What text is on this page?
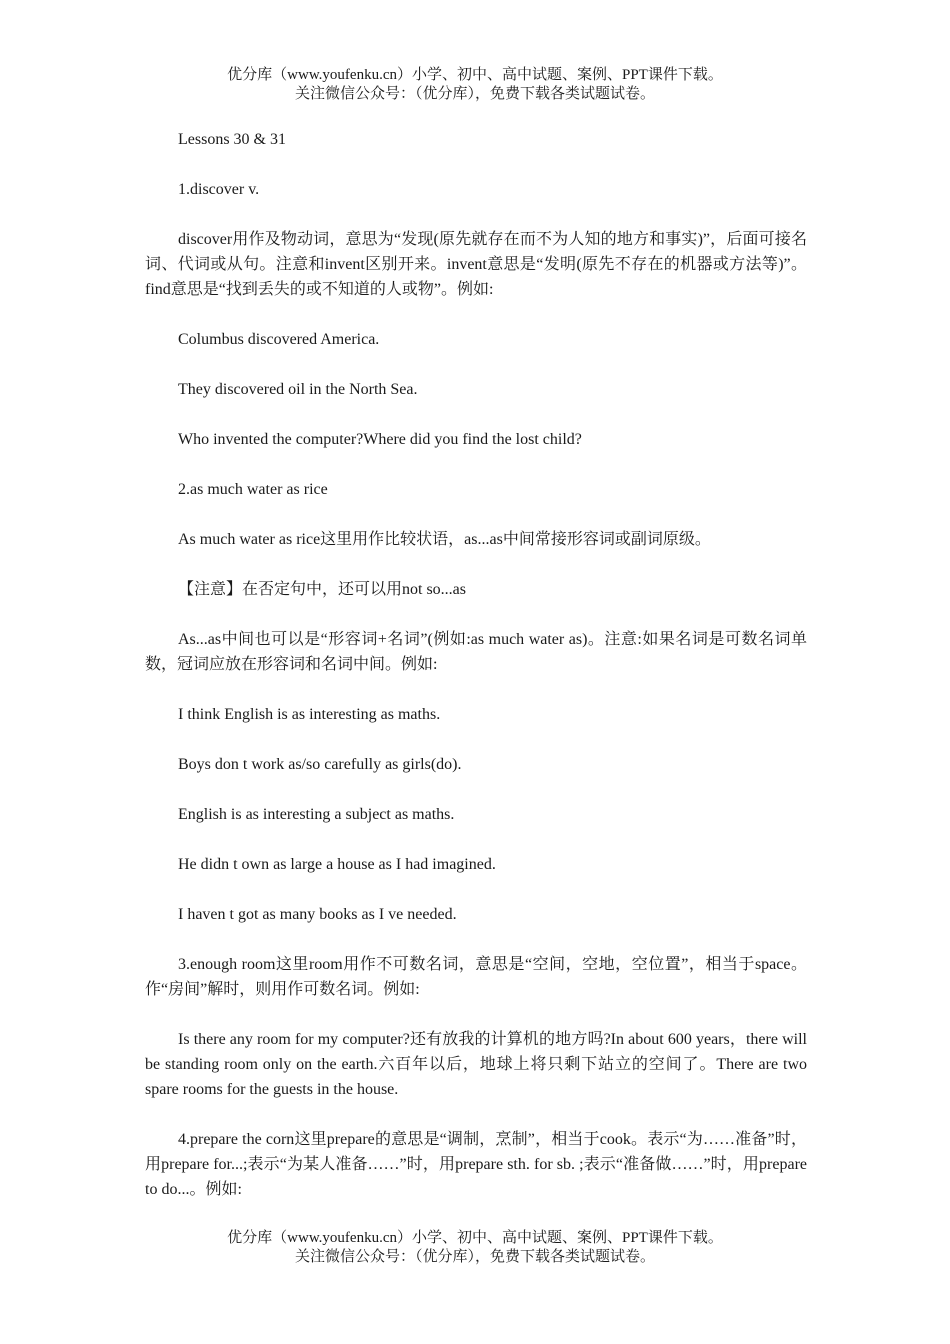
优分库（www.youfenku.cn）小学、初中、高中试题、案例、PPT课件下载。
关注微信公众号：（优分库），免费下载各类试题试卷。

Lessons 30 & 31

1.discover v.

discover用作及物动词，意思为“发现(原先就存在而不为人知的地方和事实)”，后面可接名词、代词或从句。注意和invent区别开来。invent意思是“发明(原先不存在的机器或方法等)”。find意思是“找到丢失的或不知道的人或物”。例如:

Columbus discovered America.

They discovered oil in the North Sea.

Who invented the computer?Where did you find the lost child?

2.as much water as rice

As much water as rice这里用作比较状语，as...as中间常接形容词或副词原级。

【注意】在否定句中，还可以用not so...as

As...as中间也可以是“形容词+名词”(例如:as much water as)。注意:如果名词是可数名词单数，冠词应放在形容词和名词中间。例如:

I think English is as interesting as maths.

Boys don t work as/so carefully as girls(do).

English is as interesting a subject as maths.

He didn t own as large a house as I had imagined.

I haven t got as many books as I ve needed.

3.enough room这里room用作不可数名词，意思是“空间，空地，空位置”，相当于space。作“房间”解时，则用作可数名词。例如:

Is there any room for my computer?还有放我的计算机的地方吗?In about 600 years，there will be standing room only on the earth.六百年以后，地球上将只剩下站立的空间了。There are two spare rooms for the guests in the house.

4.prepare the corn这里prepare的意思是“调制，烹制”，相当于cook。表示“为……准备”时，用prepare for...;表示“为某人准备……”时，用prepare sth. for sb. ;表示“准备做……”时，用prepare to do...。例如:

优分库（www.youfenku.cn）小学、初中、高中试题、案例、PPT课件下载。
关注微信公众号：（优分库），免费下载各类试题试卷。
